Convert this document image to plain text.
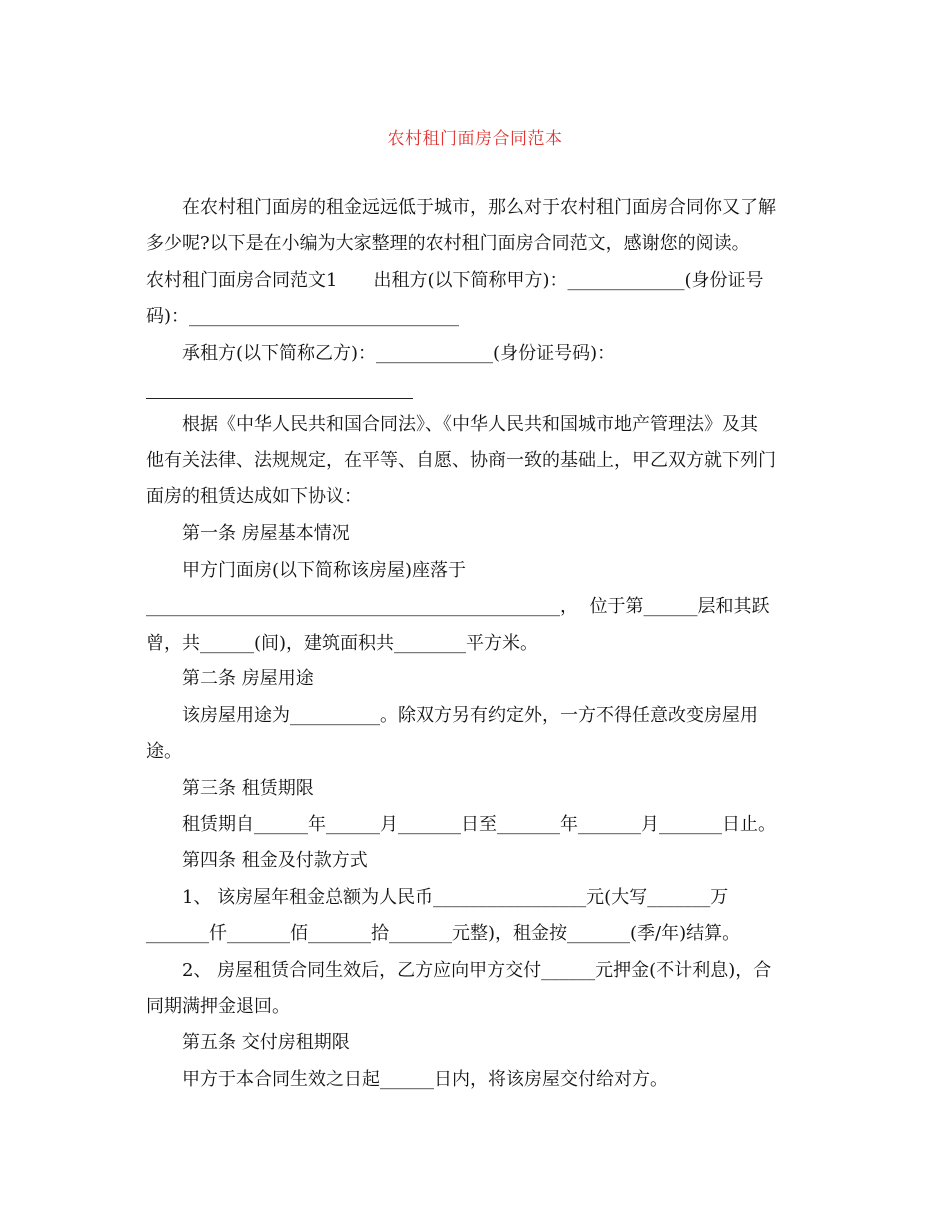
农村租门面房合同范本
在农村租门面房的租金远远低于城市，那么对于农村租门面房合同你又了解
多少呢?以下是在小编为大家整理的农村租门面房合同范文，感谢您的阅读。
农村租门面房合同范文1　　出租方(以下简称甲方)：_____________(身份证号
码)：______________________________
承租方(以下简称乙方)：_____________(身份证号码)：
根据《中华人民共和国合同法》、《中华人民共和国城市地产管理法》及其
他有关法律、法规规定，在平等、自愿、协商一致的基础上，甲乙双方就下列门
面房的租赁达成如下协议：
第一条 房屋基本情况
甲方门面房(以下简称该房屋)座落于
______________________________________________，  位于第______层和其跃
曾，共______(间)，建筑面积共________平方米。
第二条 房屋用途
该房屋用途为__________。除双方另有约定外，一方不得任意改变房屋用
途。
第三条 租赁期限
租赁期自______年______月_______日至_______年_______月_______日止。
第四条 租金及付款方式
1、 该房屋年租金总额为人民币_________________元(大写_______万
_______仟_______佰_______拾_______元整)，租金按_______(季/年)结算。
2、 房屋租赁合同生效后，乙方应向甲方交付______元押金(不计利息)，合
同期满押金退回。
第五条 交付房租期限
甲方于本合同生效之日起______日内，将该房屋交付给对方。
